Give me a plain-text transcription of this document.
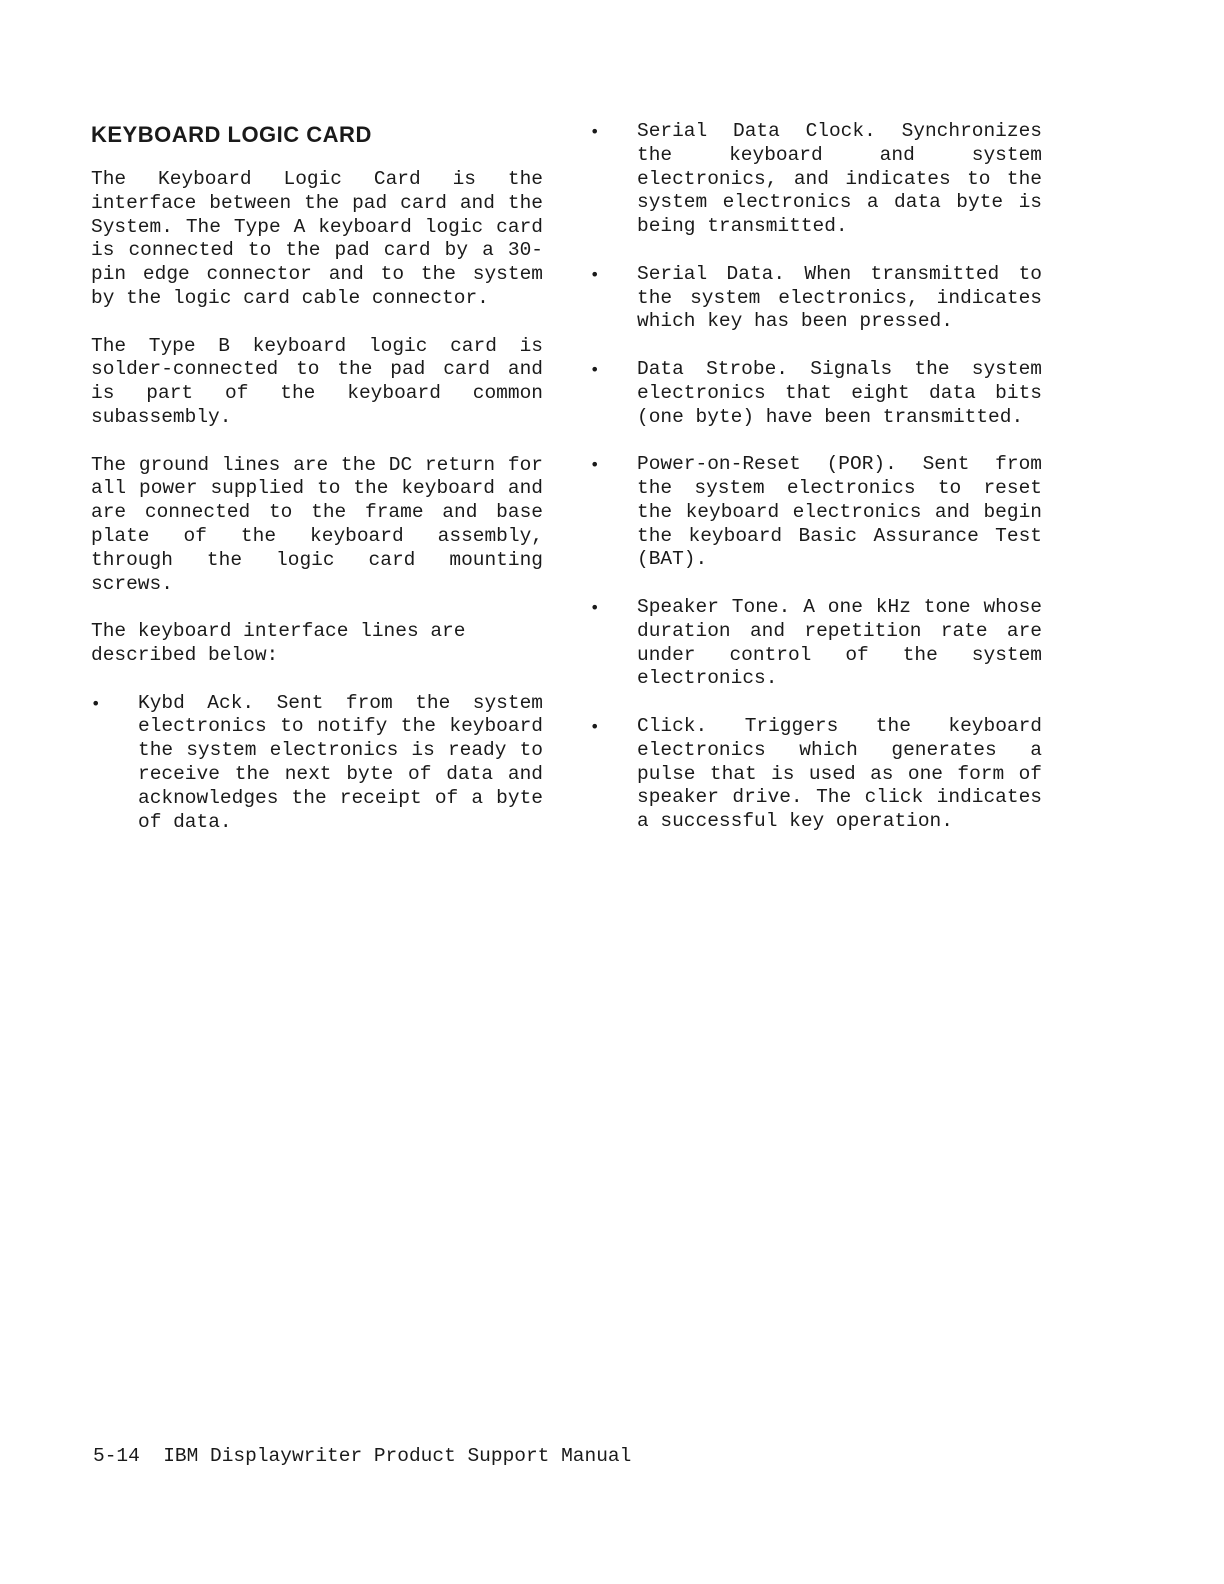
KEYBOARD LOGIC CARD

The Keyboard Logic Card is the interface between the pad card and the System. The Type A keyboard logic card is connected to the pad card by a 30-pin edge connector and to the system by the logic card cable connector.

The Type B keyboard logic card is solder-connected to the pad card and is part of the keyboard common subassembly.

The ground lines are the DC return for all power supplied to the keyboard and are connected to the frame and base plate of the keyboard assembly, through the logic card mounting screws.

The keyboard interface lines are described below:

• Kybd Ack. Sent from the system electronics to notify the keyboard the system electronics is ready to receive the next byte of data and acknowledges the receipt of a byte of data.
• Serial Data Clock. Synchronizes the keyboard and system electronics, and indicates to the system electronics a data byte is being transmitted.
• Serial Data. When transmitted to the system electronics, indicates which key has been pressed.
• Data Strobe. Signals the system electronics that eight data bits (one byte) have been transmitted.
• Power-on-Reset (POR). Sent from the system electronics to reset the keyboard electronics and begin the keyboard Basic Assurance Test (BAT).
• Speaker Tone. A one kHz tone whose duration and repetition rate are under control of the system electronics.
• Click. Triggers the keyboard electronics which generates a pulse that is used as one form of speaker drive. The click indicates a successful key operation.
5-14 IBM Displaywriter Product Support Manual
